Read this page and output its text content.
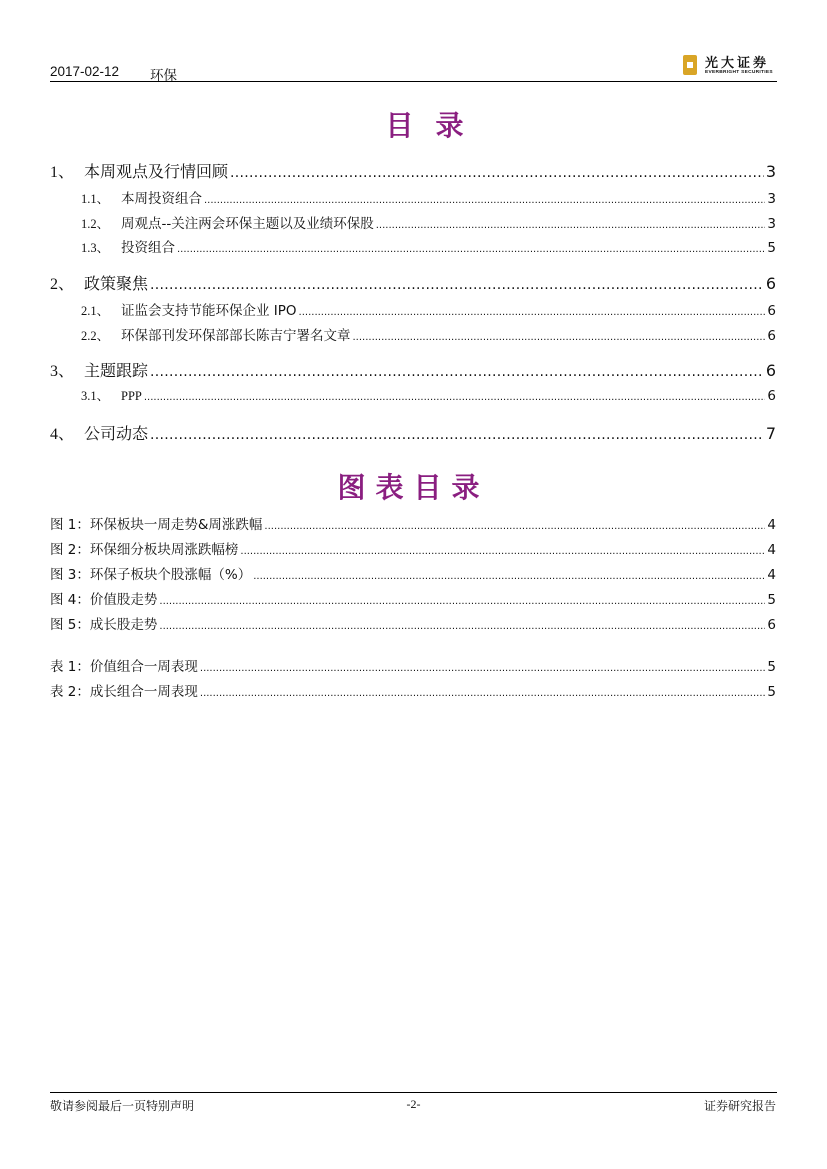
2017-02-12 环保
光大证券
EVERBRIGHT SECURITIES
目录
1、 本周观点及行情回顾 .....	3
1.1、 本周投资组合 .....	3
1.2、 周观点--关注两会环保主题以及业绩环保股 .....	3
1.3、 投资组合 .....	5
2、 政策聚焦 .....	6
2.1、 证监会支持节能环保企业 IPO .....	6
2.2、 环保部刊发环保部部长陈吉宁署名文章 .....	6
3、 主题跟踪 .....	6
3.1、 PPP .....	6
4、 公司动态 .....	7
图表目录
图 1：环保板块一周走势&周涨跌幅 .....	4
图 2：环保细分板块周涨跌幅榜 .....	4
图 3：环保子板块个股涨幅（%） .....	4
图 4：价值股走势 .....	5
图 5：成长股走势 .....	6
表 1：价值组合一周表现 .....	5
表 2：成长组合一周表现 .....	5
敬请参阅最后一页特别声明	-2-	证券研究报告
